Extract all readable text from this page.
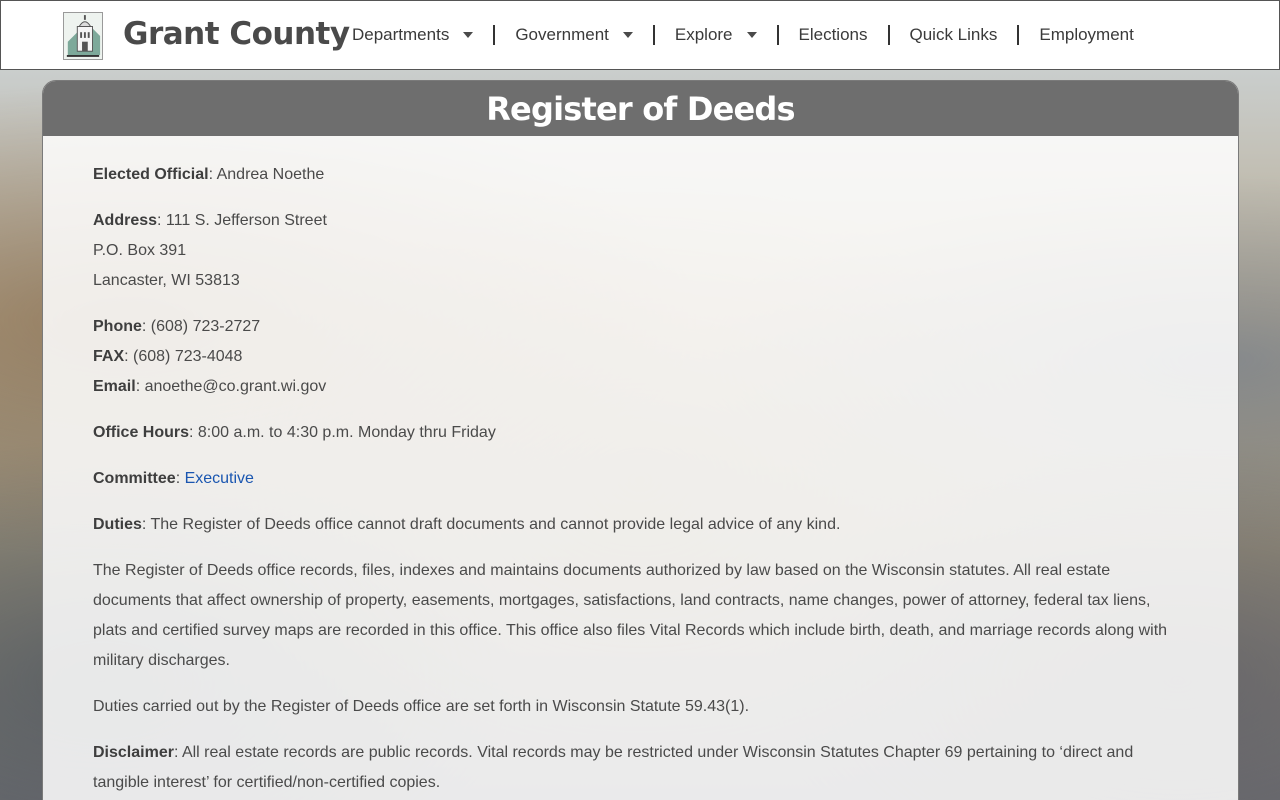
Grant County Departments	Government	Explore	Elections Quick Links Employment
Register of Deeds

Elected Official: Andrea Noethe

Address: 111 S. Jefferson Street
P.O. Box 391
Lancaster, WI 53813

Phone: (608) 723-2727
FAX: (608) 723-4048
Email: anoethe@co.grant.wi.gov

Office Hours: 8:00 a.m. to 4:30 p.m. Monday thru Friday

Committee: Executive

Duties: The Register of Deeds office cannot draft documents and cannot provide legal advice of any kind.

The Register of Deeds office records, files, indexes and maintains documents authorized by law based on the Wisconsin statutes. All real estate documents that affect ownership of property, easements, mortgages, satisfactions, land contracts, name changes, power of attorney, federal tax liens, plats and certified survey maps are recorded in this office. This office also files Vital Records which include birth, death, and marriage records along with military discharges.

Duties carried out by the Register of Deeds office are set forth in Wisconsin Statute 59.43(1).

Disclaimer: All real estate records are public records. Vital records may be restricted under Wisconsin Statutes Chapter 69 pertaining to ‘direct and tangible interest’ for certified/non-certified copies.
